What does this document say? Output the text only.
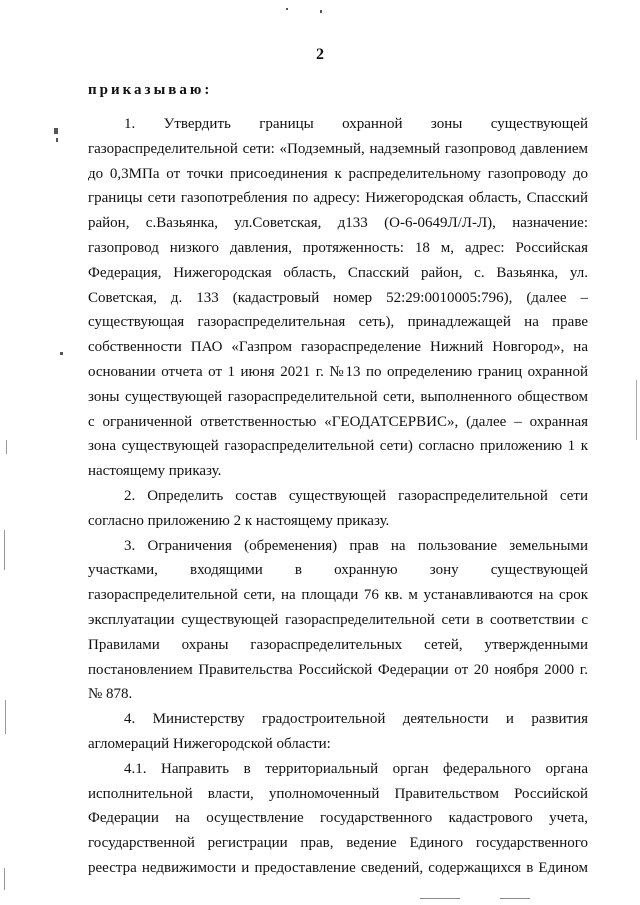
2
приказываю:

1. Утвердить границы охранной зоны существующей газораспределительной сети: «Подземный, надземный газопровод давлением до 0,3МПа от точки присоединения к распределительному газопроводу до границы сети газопотребления по адресу: Нижегородская область, Спасский район, с.Вазьянка, ул.Советская, д133 (О-6-0649Л/Л-Л), назначение: газопровод низкого давления, протяженность: 18 м, адрес: Российская Федерация, Нижегородская область, Спасский район, с. Вазьянка, ул. Советская, д. 133 (кадастровый номер 52:29:0010005:796), (далее – существующая газораспределительная сеть), принадлежащей на праве собственности ПАО «Газпром газораспределение Нижний Новгород», на основании отчета от 1 июня 2021 г. №13 по определению границ охранной зоны существующей газораспределительной сети, выполненного обществом с ограниченной ответственностью «ГЕОДАТСЕРВИС», (далее – охранная зона существующей газораспределительной сети) согласно приложению 1 к настоящему приказу.

2. Определить состав существующей газораспределительной сети согласно приложению 2 к настоящему приказу.

3. Ограничения (обременения) прав на пользование земельными участками, входящими в охранную зону существующей газораспределительной сети, на площади 76 кв. м устанавливаются на срок эксплуатации существующей газораспределительной сети в соответствии с Правилами охраны газораспределительных сетей, утвержденными постановлением Правительства Российской Федерации от 20 ноября 2000 г. № 878.

4. Министерству градостроительной деятельности и развития агломераций Нижегородской области:

4.1. Направить в территориальный орган федерального органа исполнительной власти, уполномоченный Правительством Российской Федерации на осуществление государственного кадастрового учета, государственной регистрации прав, ведение Единого государственного реестра недвижимости и предоставление сведений, содержащихся в Едином
